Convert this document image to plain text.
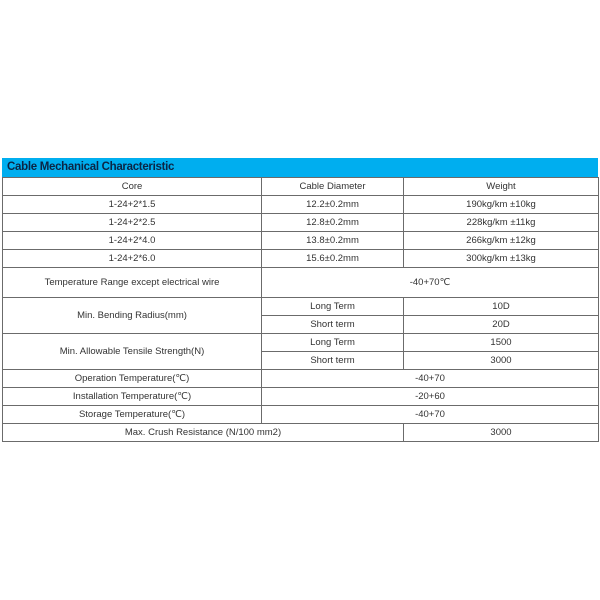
Cable Mechanical Characteristic
Core	Cable Diameter	Weight
1-24+2*1.5	12.2±0.2mm	190kg/km ±10kg
1-24+2*2.5	12.8±0.2mm	228kg/km ±11kg
1-24+2*4.0	13.8±0.2mm	266kg/km ±12kg
1-24+2*6.0	15.6±0.2mm	300kg/km ±13kg
Temperature Range except electrical wire	-40+70℃	
Min. Bending Radius(mm)	Long Term	10D
	Short term	20D
Min. Allowable Tensile Strength(N)	Long Term	1500
	Short term	3000
Operation Temperature(℃)	-40+70	
Installation Temperature(℃)	-20+60	
Storage Temperature(℃)	-40+70	
Max. Crush Resistance (N/100 mm2)		3000
